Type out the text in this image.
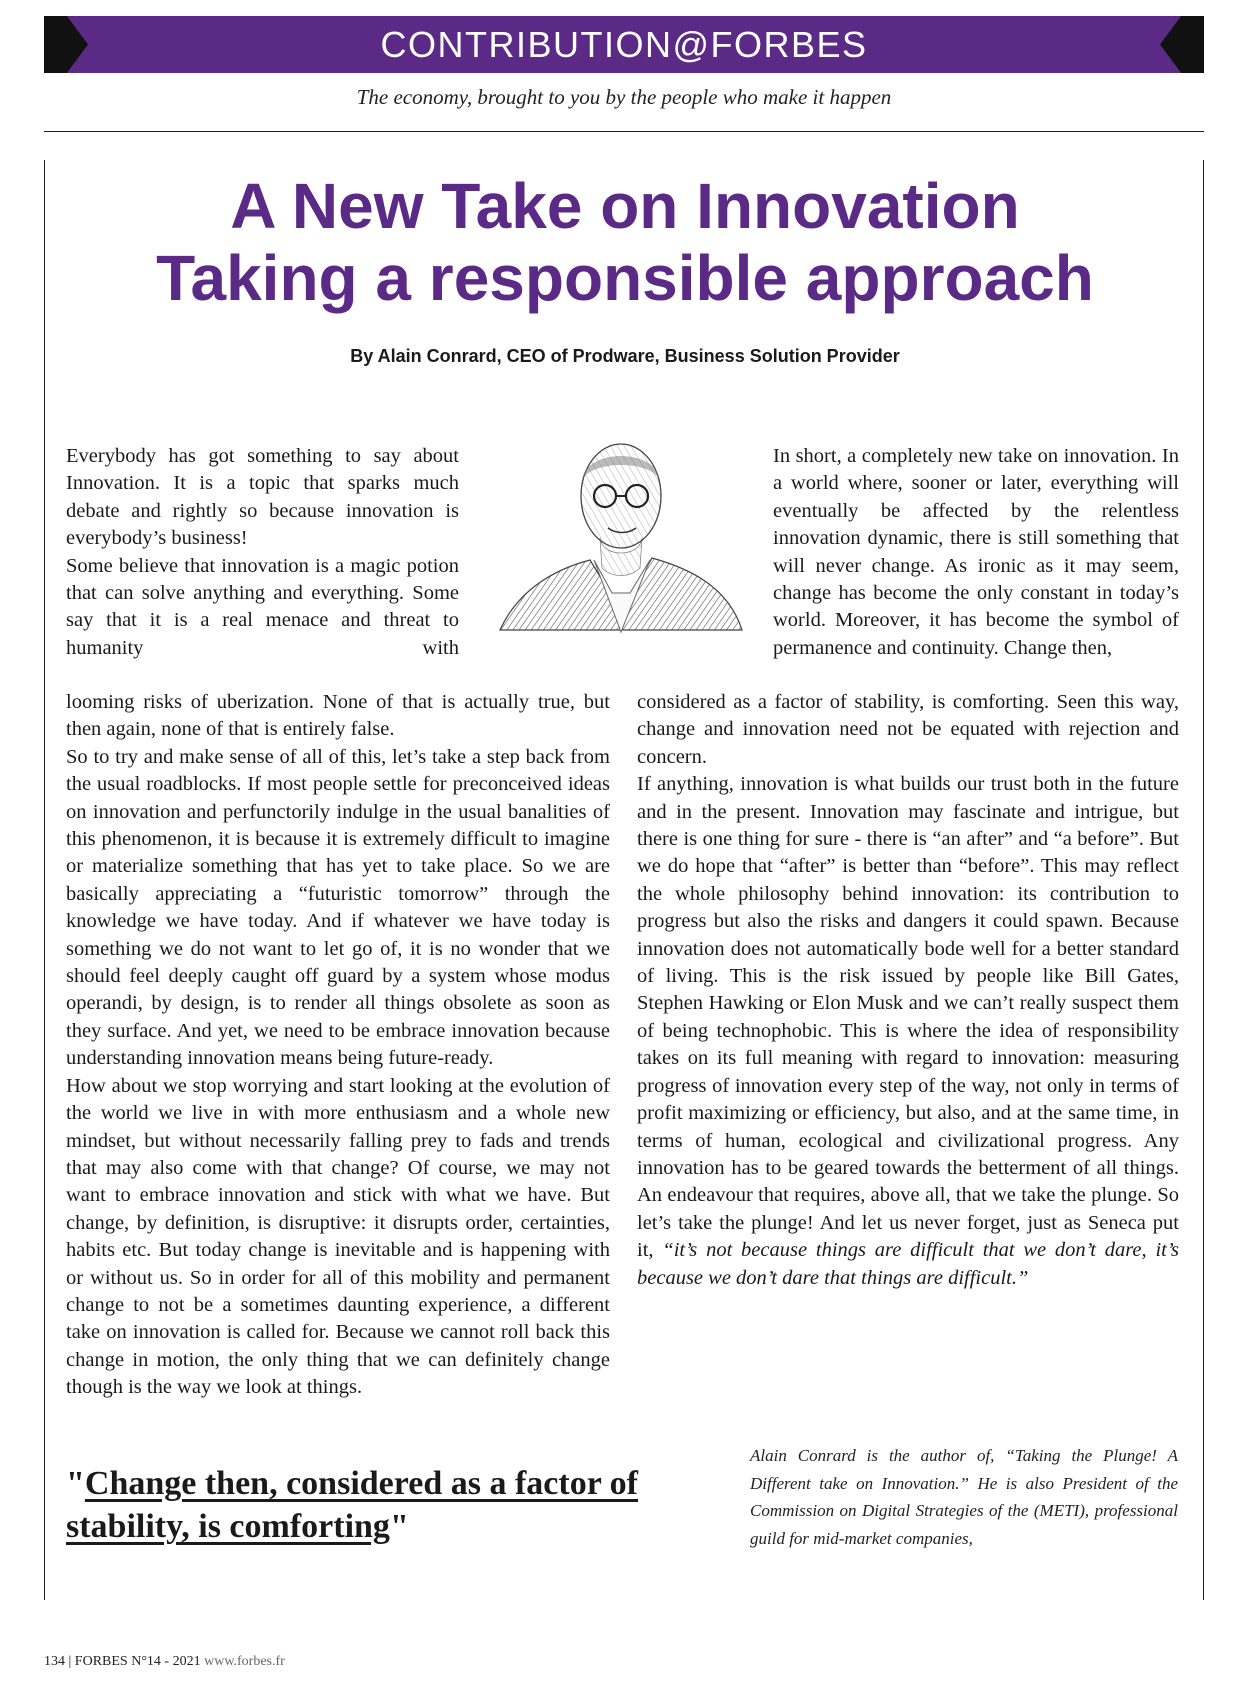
CONTRIBUTION@FORBES
The economy, brought to you by the people who make it happen
A New Take on Innovation
Taking a responsible approach
By Alain Conrard, CEO of Prodware, Business Solution Provider

Everybody has got something to say about Innovation. It is a topic that sparks much debate and rightly so because innovation is everybody’s business!

Some believe that innovation is a magic potion that can solve anything and everything. Some say that it is a real menace and threat to humanity with

looming risks of uberization. None of that is actually true, but then again, none of that is entirely false.

So to try and make sense of all of this, let’s take a step back from the usual roadblocks. If most people settle for preconceived ideas on innovation and perfunctorily indulge in the usual banalities of this phenomenon, it is because it is extremely difficult to imagine or materialize something that has yet to take place. So we are basically appreciating a “futuristic tomorrow” through the knowledge we have today. And if whatever we have today is something we do not want to let go of, it is no wonder that we should feel deeply caught off guard by a system whose modus operandi, by design, is to render all things obsolete as soon as they surface. And yet, we need to be embrace innovation because understanding innovation means being future-ready.

How about we stop worrying and start looking at the evolution of the world we live in with more enthusiasm and a whole new mindset, but without necessarily falling prey to fads and trends that may also come with that change? Of course, we may not want to embrace innovation and stick with what we have. But change, by definition, is disruptive: it disrupts order, certainties, habits etc. But today change is inevitable and is happening with or without us. So in order for all of this mobility and permanent change to not be a sometimes daunting experience, a different take on innovation is called for. Because we cannot roll back this change in motion, the only thing that we can definitely change though is the way we look at things.

In short, a completely new take on innovation. In a world where, sooner or later, everything will eventually be affected by the relentless innovation dynamic, there is still something that will never change. As ironic as it may seem, change has become the only constant in today’s world. Moreover, it has become the symbol of permanence and continuity. Change then,

considered as a factor of stability, is comforting. Seen this way, change and innovation need not be equated with rejection and concern.

If anything, innovation is what builds our trust both in the future and in the present. Innovation may fascinate and intrigue, but there is one thing for sure - there is “an after” and “a before”. But we do hope that “after” is better than “before”. This may reflect the whole philosophy behind innovation: its contribution to progress but also the risks and dangers it could spawn. Because innovation does not automatically bode well for a better standard of living. This is the risk issued by people like Bill Gates, Stephen Hawking or Elon Musk and we can’t really suspect them of being technophobic. This is where the idea of responsibility takes on its full meaning with regard to innovation: measuring progress of innovation every step of the way, not only in terms of profit maximizing or efficiency, but also, and at the same time, in terms of human, ecological and civilizational progress. Any innovation has to be geared towards the betterment of all things. An endeavour that requires, above all, that we take the plunge. So let’s take the plunge! And let us never forget, just as Seneca put it, “it’s not because things are difficult that we don’t dare, it’s because we don’t dare that things are difficult.”

"Change then, considered as a factor of stability, is comforting"
Alain Conrard is the author of, “Taking the Plunge! A Different take on Innovation.” He is also President of the Commission on Digital Strategies of the (METI), professional guild for mid-market companies,
134 | FORBES N°14 - 2021 www.forbes.fr
